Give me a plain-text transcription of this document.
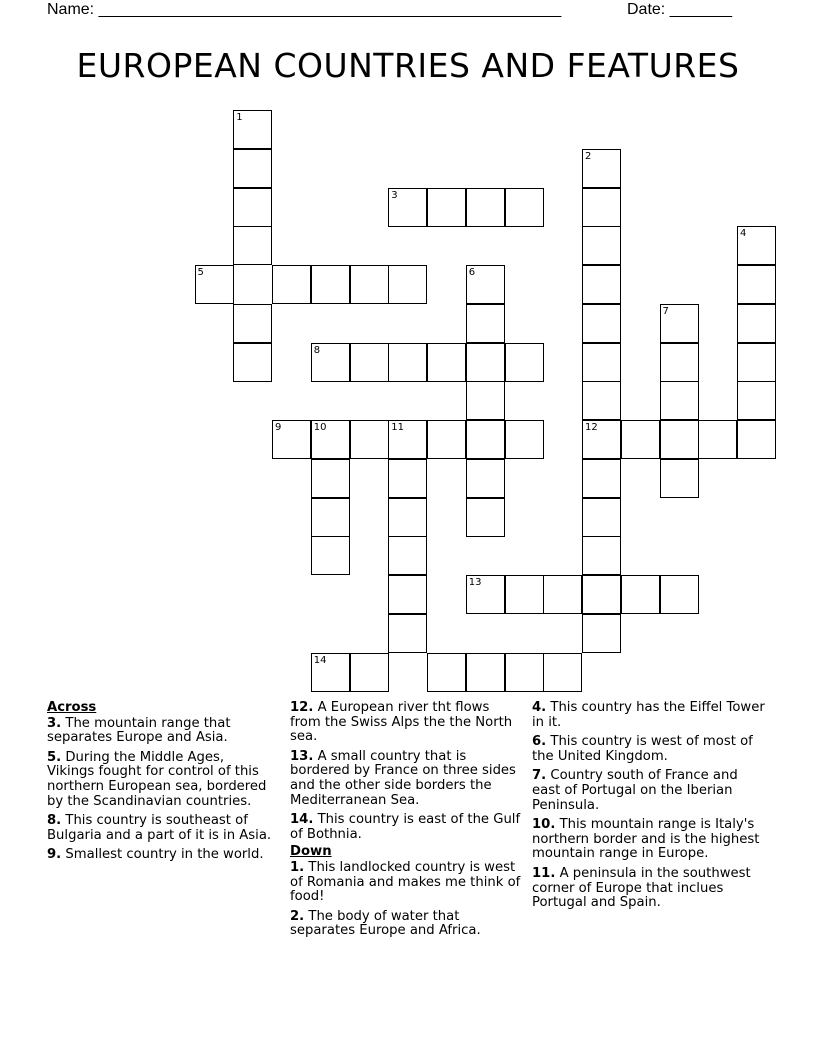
Name: ____________________________________________________	Date: _______
EUROPEAN COUNTRIES AND FEATURES
1
2
3
4
5	6
7
8
9	10	11	12
13
14
Across
3. The mountain range that separates Europe and Asia.
5. During the Middle Ages, Vikings fought for control of this northern European sea, bordered by the Scandinavian countries.
8. This country is southeast of Bulgaria and a part of it is in Asia.
9. Smallest country in the world.
12. A European river tht flows from the Swiss Alps the the North sea.
13. A small country that is bordered by France on three sides and the other side borders the Mediterranean Sea.
14. This country is east of the Gulf of Bothnia.
Down
1. This landlocked country is west of Romania and makes me think of food!
2. The body of water that separates Europe and Africa.
4. This country has the Eiffel Tower in it.
6. This country is west of most of the United Kingdom.
7. Country south of France and east of Portugal on the Iberian Peninsula.
10. This mountain range is Italy's northern border and is the highest mountain range in Europe.
11. A peninsula in the southwest corner of Europe that inclues Portugal and Spain.
